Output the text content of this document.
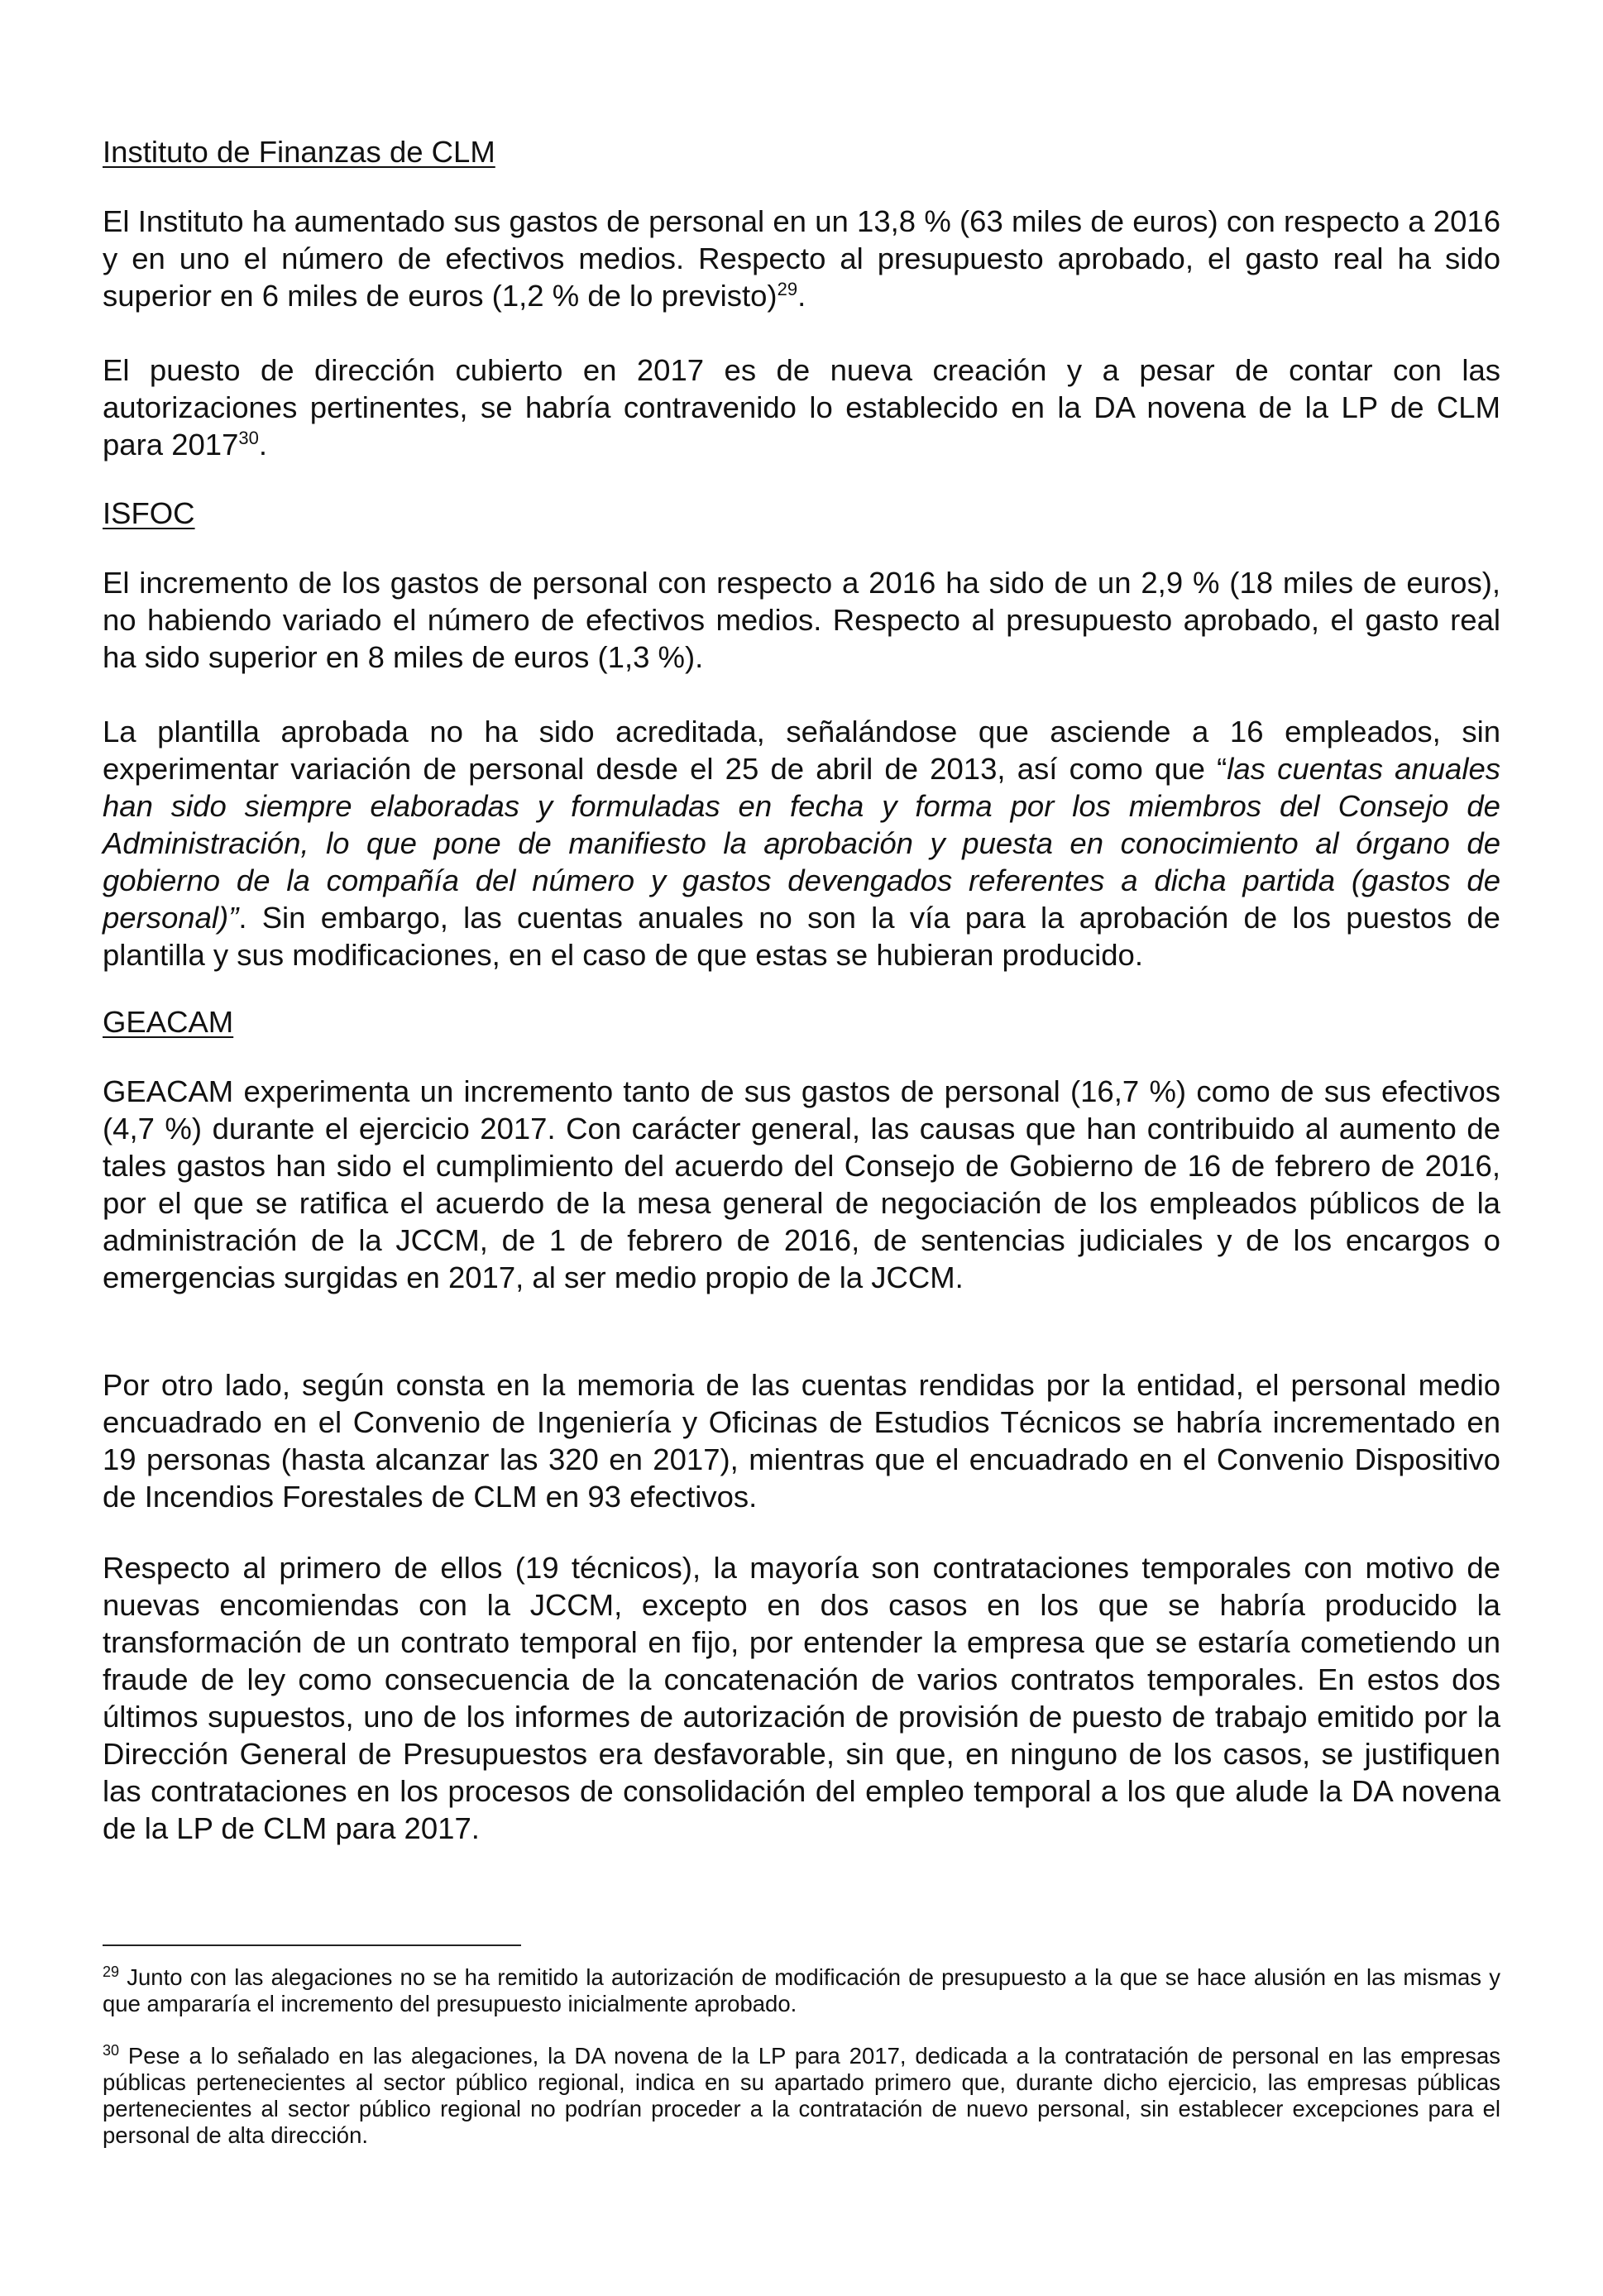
Instituto de Finanzas de CLM

El Instituto ha aumentado sus gastos de personal en un 13,8 % (63 miles de euros) con respecto a 2016 y en uno el número de efectivos medios. Respecto al presupuesto aprobado, el gasto real ha sido superior en 6 miles de euros (1,2 % de lo previsto)$^{29}$.

El puesto de dirección cubierto en 2017 es de nueva creación y a pesar de contar con las autorizaciones pertinentes, se habría contravenido lo establecido en la DA novena de la LP de CLM para 2017$^{30}$.

ISFOC

El incremento de los gastos de personal con respecto a 2016 ha sido de un 2,9 % (18 miles de euros), no habiendo variado el número de efectivos medios. Respecto al presupuesto aprobado, el gasto real ha sido superior en 8 miles de euros (1,3 %).

La plantilla aprobada no ha sido acreditada, señalándose que asciende a 16 empleados, sin experimentar variación de personal desde el 25 de abril de 2013, así como que “las cuentas anuales han sido siempre elaboradas y formuladas en fecha y forma por los miembros del Consejo de Administración, lo que pone de manifiesto la aprobación y puesta en conocimiento al órgano de gobierno de la compañía del número y gastos devengados referentes a dicha partida (gastos de personal)”. Sin embargo, las cuentas anuales no son la vía para la aprobación de los puestos de plantilla y sus modificaciones, en el caso de que estas se hubieran producido.

GEACAM

GEACAM experimenta un incremento tanto de sus gastos de personal (16,7 %) como de sus efectivos (4,7 %) durante el ejercicio 2017. Con carácter general, las causas que han contribuido al aumento de tales gastos han sido el cumplimiento del acuerdo del Consejo de Gobierno de 16 de febrero de 2016, por el que se ratifica el acuerdo de la mesa general de negociación de los empleados públicos de la administración de la JCCM, de 1 de febrero de 2016, de sentencias judiciales y de los encargos o emergencias surgidas en 2017, al ser medio propio de la JCCM.

Por otro lado, según consta en la memoria de las cuentas rendidas por la entidad, el personal medio encuadrado en el Convenio de Ingeniería y Oficinas de Estudios Técnicos se habría incrementado en 19 personas (hasta alcanzar las 320 en 2017), mientras que el encuadrado en el Convenio Dispositivo de Incendios Forestales de CLM en 93 efectivos.

Respecto al primero de ellos (19 técnicos), la mayoría son contrataciones temporales con motivo de nuevas encomiendas con la JCCM, excepto en dos casos en los que se habría producido la transformación de un contrato temporal en fijo, por entender la empresa que se estaría cometiendo un fraude de ley como consecuencia de la concatenación de varios contratos temporales. En estos dos últimos supuestos, uno de los informes de autorización de provisión de puesto de trabajo emitido por la Dirección General de Presupuestos era desfavorable, sin que, en ninguno de los casos, se justifiquen las contrataciones en los procesos de consolidación del empleo temporal a los que alude la DA novena de la LP de CLM para 2017.

$^{29}$ Junto con las alegaciones no se ha remitido la autorización de modificación de presupuesto a la que se hace alusión en las mismas y que ampararía el incremento del presupuesto inicialmente aprobado.

$^{30}$ Pese a lo señalado en las alegaciones, la DA novena de la LP para 2017, dedicada a la contratación de personal en las empresas públicas pertenecientes al sector público regional, indica en su apartado primero que, durante dicho ejercicio, las empresas públicas pertenecientes al sector público regional no podrían proceder a la contratación de nuevo personal, sin establecer excepciones para el personal de alta dirección.
